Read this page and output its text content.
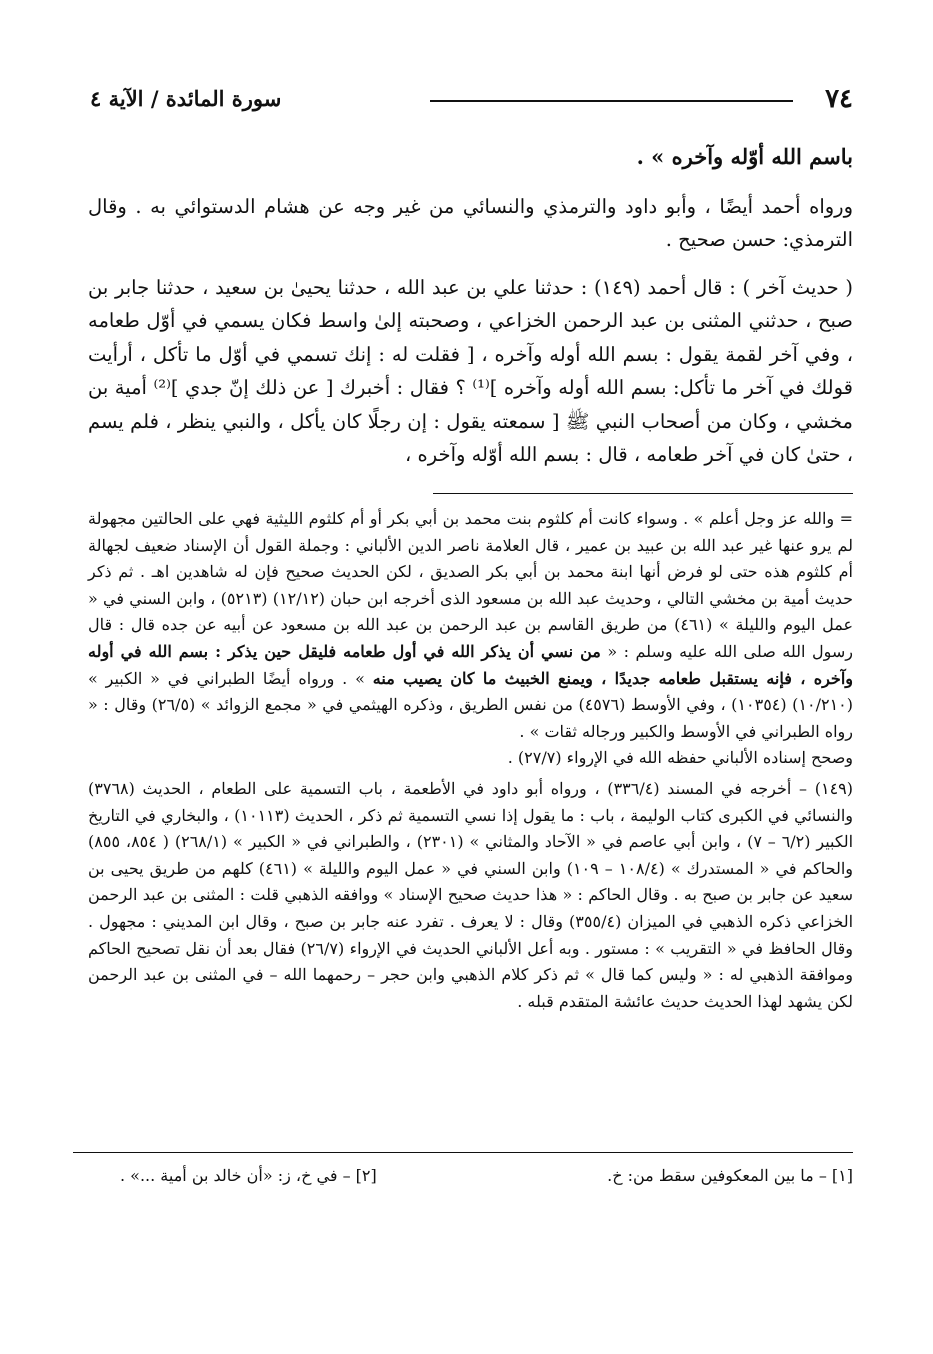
٧٤
سورة المائدة / الآية ٤

باسم الله أوّله وآخره » .

ورواه أحمد أيضًا ، وأبو داود والترمذي والنسائي من غير وجه عن هشام الدستوائي به . وقال الترمذي: حسن صحيح .

( حديث آخر ) : قال أحمد (١٤٩) : حدثنا علي بن عبد الله ، حدثنا يحيىٰ بن سعيد ، حدثنا جابر بن صبح ، حدثني المثنى بن عبد الرحمن الخزاعي ، وصحبته إلىٰ واسط فكان يسمي في أوّل طعامه ، وفي آخر لقمة يقول : بسم الله أوله وآخره ، [ فقلت له : إنك تسمي في أوّل ما تأكل ، أرأيت قولك في آخر ما تأكل: بسم الله أوله وآخره ]⁽¹⁾ ؟ فقال : أخبرك [ عن ذلك إنّ جدي ]⁽²⁾ أمية بن مخشي ، وكان من أصحاب النبي ﷺ [ سمعته يقول : إن رجلًا كان يأكل ، والنبي ينظر ، فلم يسم ، حتىٰ كان في آخر طعامه ، قال : بسم الله أوّله وآخره ،

= والله عز وجل أعلم » . وسواء كانت أم كلثوم بنت محمد بن أبي بكر أو أم كلثوم الليثية فهي على الحالتين مجهولة لم يرو عنها غير عبد الله بن عبيد بن عمير ، قال العلامة ناصر الدين الألباني : وجملة القول أن الإسناد ضعيف لجهالة أم كلثوم هذه حتى لو فرض أنها ابنة محمد بن أبي بكر الصديق ، لكن الحديث صحيح فإن له شاهدين اهـ . ثم ذكر حديث أمية بن مخشي التالي ، وحديث عبد الله بن مسعود الذى أخرجه ابن حبان (١٢/١٢) (٥٢١٣) ، وابن السني في « عمل اليوم والليلة » (٤٦١) من طريق القاسم بن عبد الرحمن بن عبد الله بن مسعود عن أبيه عن جده قال : قال رسول الله صلى الله عليه وسلم : « من نسي أن يذكر الله في أول طعامه فليقل حين يذكر : بسم الله في أوله وآخره ، فإنه يستقبل طعامه جديدًا ، ويمنع الخبيث ما كان يصيب منه » . ورواه أيضًا الطبراني في « الكبير » (١٠/٢١٠) (١٠٣٥٤) ، وفي الأوسط (٤٥٧٦) من نفس الطريق ، وذكره الهيثمي في « مجمع الزوائد » (٢٦/٥) وقال : « رواه الطبراني في الأوسط والكبير ورجاله ثقات » .

وصحح إسناده الألباني حفظه الله في الإرواء (٢٧/٧) .

(١٤٩) – أخرجه في المسند (٣٣٦/٤) ، ورواه أبو داود في الأطعمة ، باب التسمية على الطعام ، الحديث (٣٧٦٨) والنسائي في الكبرى كتاب الوليمة ، باب : ما يقول إذا نسي التسمية ثم ذكر ، الحديث (١٠١١٣) ، والبخاري في التاريخ الكبير (٦/٢ – ٧) ، وابن أبي عاصم في « الآحاد والمثاني » (٢٣٠١) ، والطبراني في « الكبير » (٢٦٨/١) ( ٨٥٤، ٨٥٥) والحاكم في « المستدرك » (١٠٨/٤ – ١٠٩) وابن السني في « عمل اليوم والليلة » (٤٦١) كلهم من طريق يحيى بن سعيد عن جابر بن صبح به . وقال الحاكم : « هذا حديث صحيح الإسناد » ووافقه الذهبي قلت : المثنى بن عبد الرحمن الخزاعي ذكره الذهبي في الميزان (٣٥٥/٤) وقال : لا يعرف . تفرد عنه جابر بن صبح ، وقال ابن المديني : مجهول . وقال الحافظ في « التقريب » : مستور . وبه أعل الألباني الحديث في الإرواء (٢٦/٧) فقال بعد أن نقل تصحيح الحاكم وموافقة الذهبي له : « وليس كما قال » ثم ذكر كلام الذهبي وابن حجر – رحمهما الله – في المثنى بن عبد الرحمن لكن يشهد لهذا الحديث حديث عائشة المتقدم قبله .

[١] – ما بين المعكوفين سقط من: خ.
[٢] – في خ، ز: «أن خالد بن أمية ...» .
